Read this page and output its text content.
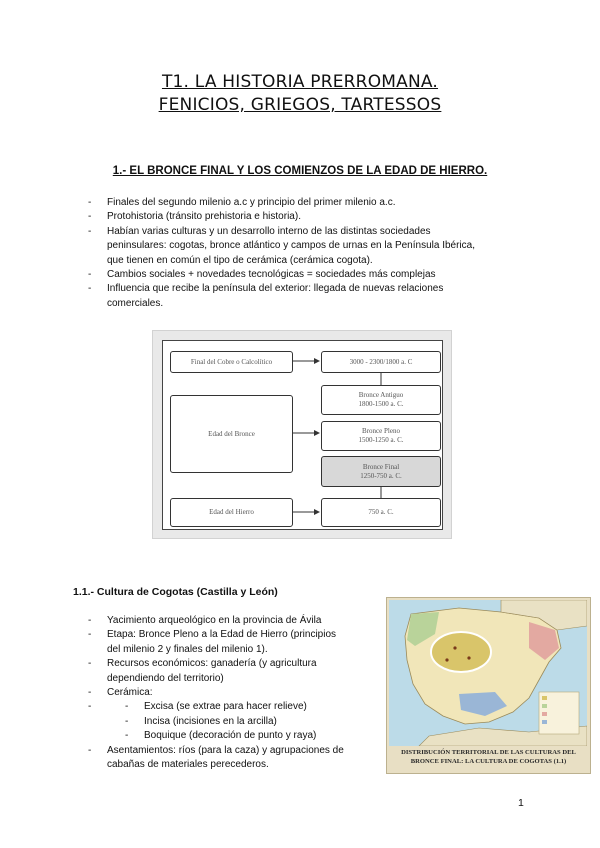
T1. LA HISTORIA PRERROMANA.
FENICIOS, GRIEGOS, TARTESSOS
1.- EL BRONCE FINAL Y LOS COMIENZOS DE LA EDAD DE HIERRO.
- Finales del segundo milenio a.c y principio del primer milenio a.c.
- Protohistoria (tránsito prehistoria e historia).
- Habían varias culturas y un desarrollo interno de las distintas sociedades
peninsulares: cogotas, bronce atlántico y campos de urnas en la Península Ibérica,
que tienen en común el tipo de cerámica (cerámica cogota).
- Cambios sociales + novedades tecnológicas = sociedades más complejas
- Influencia que recibe la península del exterior: llegada de nuevas relaciones
comerciales.
Final del Cobre o Calcolítico	3000 - 2300/1800 a. C
Edad del Bronce
Bronce Antiguo
1800-1500 a. C.
Bronce Pleno
1500-1250 a. C.
Bronce Final
1250-750 a. C.
Edad del Hierro	750 a. C.
1.1.- Cultura de Cogotas (Castilla y León)
- Yacimiento arqueológico en la provincia de Ávila
- Etapa: Bronce Pleno a la Edad de Hierro (principios
del milenio 2 y finales del milenio 1).
- Recursos económicos: ganadería (y agricultura
dependiendo del territorio)
- Cerámica:
- - Excisa (se extrae para hacer relieve)
- Incisa (incisiones en la arcilla)
- Boquique (decoración de punto y raya)
- Asentamientos: ríos (para la caza) y agrupaciones de
cabañas de materiales perecederos.
DISTRIBUCIÓN TERRITORIAL DE LAS CULTURAS DEL
BRONCE FINAL: LA CULTURA DE COGOTAS (1.1)
1
